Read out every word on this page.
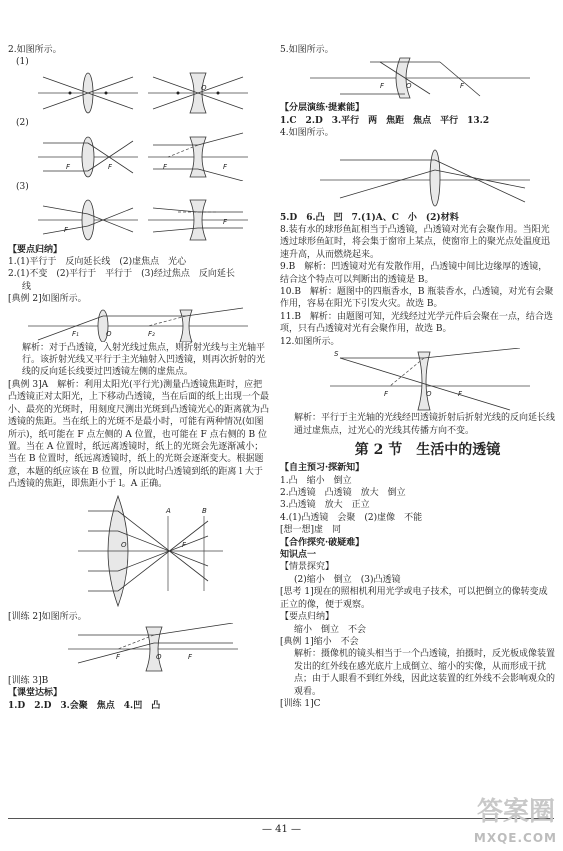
2.如图所示。
(1)
O
(2)
F	F	F	F
(3)
F
F
【要点归纳】
1.(1)平行于　反向延长线　(2)虚焦点　光心
2.(1)不变　(2)平行于　平行于　(3)经过焦点　反向延长
线
[典例 2]如图所示。
F₁	O	F₂
解析：对于凸透镜，入射光线过焦点，则折射光线与主光轴平行。该折射光线又平行于主光轴射入凹透镜，则再次折射的光线的反向延长线要过凹透镜左侧的虚焦点。
[典例 3]A　解析：利用太阳光(平行光)测量凸透镜焦距时，应把凸透镜正对太阳光，上下移动凸透镜，当在后面的纸上出现一个最小、最亮的光斑时，用刻度尺测出光斑到凸透镜光心的距离就为凸透镜的焦距。当在纸上的光斑不是最小时，可能有两种情况(如图所示)，纸可能在 F 点左侧的 A 位置，也可能在 F 点右侧的 B 位置。当在 A 位置时，纸远离透镜时，纸上的光斑会先逐渐减小；当在 B 位置时，纸远离透镜时，纸上的光斑会逐渐变大。根据题意，本题的纸应该在 B 位置，所以此时凸透镜到纸的距离 l 大于凸透镜的焦距，即焦距小于 l。A 正确。
A	B
O	F
[训练 2]如图所示。
F	O	F
[训练 3]B
【课堂达标】
1.D　2.D　3.会聚　焦点　4.凹　凸
5.如图所示。
F	O	F
【分层演练·提素能】
1.C　2.D　3.平行　两　焦距　焦点　平行　13.2
4.如图所示。
5.D　6.凸　凹　7.(1)A、C　小　(2)材料
8.装有水的球形鱼缸相当于凸透镜，凸透镜对光有会聚作用。当阳光透过球形鱼缸时，将会集于窗帘上某点，使窗帘上的聚光点处温度迅速升高，从而燃烧起来。
9.B　解析：凹透镜对光有发散作用，凸透镜中间比边缘厚的透镜，结合这个特点可以判断出的透镜是 B。
10.B　解析：题图中的四瓶香水，B 瓶装香水，凸透镜，对光有会聚作用，容易在阳光下引发火灾。故选 B。
11.B　解析：由题图可知，光线经过光学元件后会聚在一点，结合选项，只有凸透镜对光有会聚作用，故选 B。
12.如图所示。
S
O
F	F
解析：平行于主光轴的光线经凹透镜折射后折射光线的反向延长线通过虚焦点，过光心的光线其传播方向不变。
第 2 节　生活中的透镜
【自主预习·探新知】
1.凸　缩小　倒立
2.凸透镜　凸透镜　放大　倒立
3.凸透镜　放大　正立
4.(1)凸透镜　会聚　(2)虚像　不能
[想一想]虚　同
【合作探究·破疑难】
知识点一
【情景探究】
(2)缩小　倒立　(3)凸透镜
[思考 1]现在的照相机利用光学或电子技术，可以把倒立的像转变成正立的像，便于观察。
【要点归纳】
缩小　倒立　不会
[典例 1]缩小　不会
解析：摄像机的镜头相当于一个凸透镜，拍摄时，反光板成像装置发出的红外线在感光底片上成倒立、缩小的实像，从而形成干扰点；由于人眼看不到红外线，因此这装置的红外线不会影响观众的观看。
[训练 1]C
— 41 —
答案圈
MXQE.COM
